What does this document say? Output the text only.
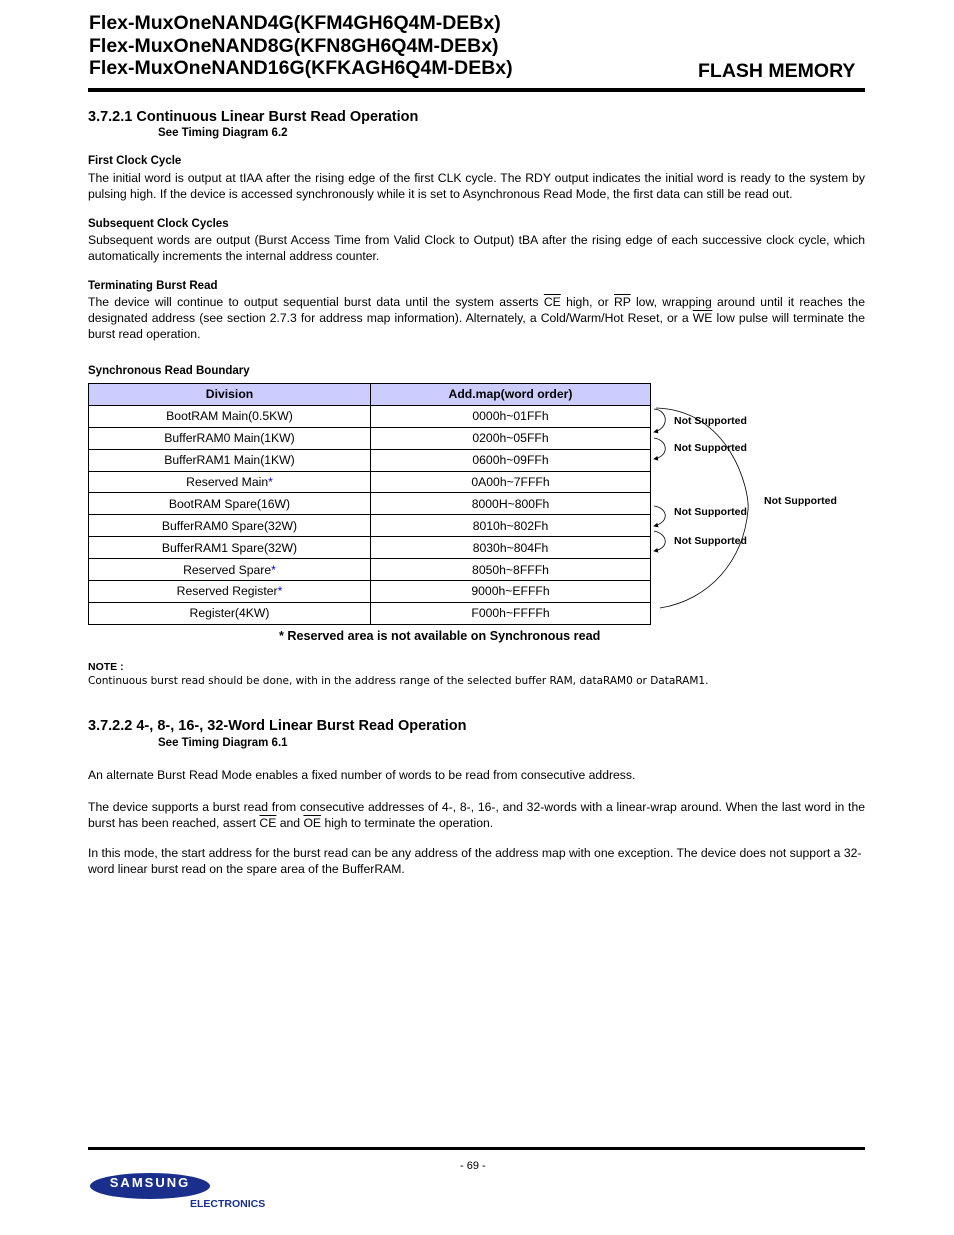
Flex-MuxOneNAND4G(KFM4GH6Q4M-DEBx)
Flex-MuxOneNAND8G(KFN8GH6Q4M-DEBx)
Flex-MuxOneNAND16G(KFKAGH6Q4M-DEBx)	FLASH MEMORY
3.7.2.1 Continuous Linear Burst Read Operation
See Timing Diagram 6.2
First Clock Cycle

The initial word is output at tIAA after the rising edge of the first CLK cycle. The RDY output indicates the initial word is ready to the system by pulsing high. If the device is accessed synchronously while it is set to Asynchronous Read Mode, the first data can still be read out.

Subsequent Clock Cycles

Subsequent words are output (Burst Access Time from Valid Clock to Output) tBA after the rising edge of each successive clock cycle, which automatically increments the internal address counter.

Terminating Burst Read

The device will continue to output sequential burst data until the system asserts $\overline{CE}$ high, or $\overline{RP}$ low, wrapping around until it reaches the designated address (see section 2.7.3 for address map information). Alternately, a Cold/Warm/Hot Reset, or a $\overline{WE}$ low pulse will terminate the burst read operation.

Synchronous Read Boundary
Division	Add.map(word order)
BootRAM Main(0.5KW)	0000h~01FFh
BufferRAM0 Main(1KW)	0200h~05FFh
BufferRAM1 Main(1KW)	0600h~09FFh
Reserved Main*	0A00h~7FFFh
BootRAM Spare(16W)	8000H~800Fh
BufferRAM0 Spare(32W)	8010h~802Fh
BufferRAM1 Spare(32W)	8030h~804Fh
Reserved Spare*	8050h~8FFFh
Reserved Register*	9000h~EFFFh
Register(4KW)	F000h~FFFFh
Not Supported
Not Supported
Not Supported
Not Supported
Not Supported
* Reserved area is not available on Synchronous read
NOTE :
Continuous burst read should be done, with in the address range of the selected buffer RAM, dataRAM0 or DataRAM1.
3.7.2.2 4-, 8-, 16-, 32-Word Linear Burst Read Operation
See Timing Diagram 6.1

An alternate Burst Read Mode enables a fixed number of words to be read from consecutive address.

The device supports a burst read from consecutive addresses of 4-, 8-, 16-, and 32-words with a linear-wrap around. When the last word in the burst has been reached, assert $\overline{CE}$ and $\overline{OE}$ high to terminate the operation.

In this mode, the start address for the burst read can be any address of the address map with one exception. The device does not support a 32-word linear burst read on the spare area of the BufferRAM.

- 69 -
SAMSUNG
ELECTRONICS
